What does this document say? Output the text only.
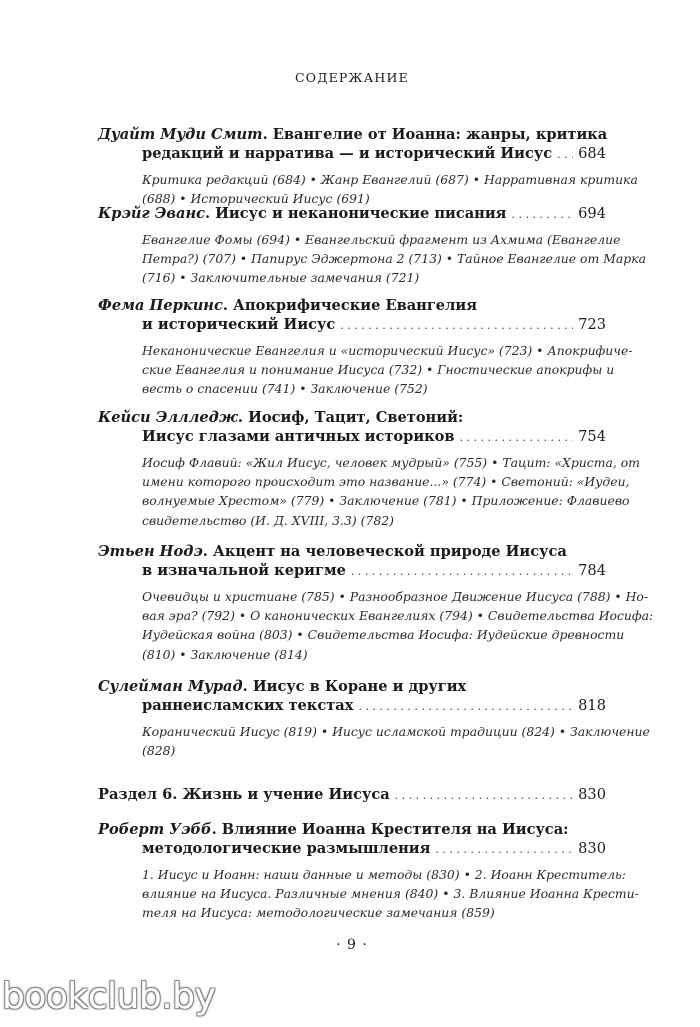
СОДЕРЖАНИЕ
Дуайт Муди Смит . Евангелие от Иоанна: жанры, критика
редакций и нарратива — и исторический Иисус . . . 684
Критика редакций (684) • Жанр Евангелий (687) • Нарративная критика
(688) • Исторический Иисус (691)
Крэйг Эванс . Иисус и неканонические писания . . .	694
Евангелие Фомы (694) • Евангельский фрагмент из Ахмима (Евангелие
Петра?) (707) • Папирус Эджертона 2 (713) • Тайное Евангелие от Марка
(716) • Заключительные замечания (721)
Фема Перкинс . Апокрифические Евангелия
и исторический Иисус . . .	723
Неканонические Евангелия и «исторический Иисус» (723) • Апокрифиче-
ские Евангелия и понимание Иисуса (732) • Гностические апокрифы и
весть о спасении (741) • Заключение (752)
Кейси Эллледж . Иосиф, Тацит, Светоний:
Иисус глазами античных историков . . .	754
Иосиф Флавий: «Жил Иисус, человек мудрый» (755) • Тацит: «Христа, от
имени которого происходит это название...» (774) • Светоний: «Иудеи,
волнуемые Хрестом» (779) • Заключение (781) • Приложение: Флавиево
свидетельство (И. Д. XVIII, 3.3) (782)
Этьен Нодэ . Акцент на человеческой природе Иисуса
в изначальной керигме . . .	784
Очевидцы и христиане (785) • Разнообразное Движение Иисуса (788) • Но-
вая эра? (792) • О канонических Евангелиях (794) • Свидетельства Иосифа:
Иудейская война (803) • Свидетельства Иосифа: Иудейские древности
(810) • Заключение (814)
Сулейман Мурад . Иисус в Коране и других
раннеисламских текстах . . .	818
Коранический Иисус (819) • Иисус исламской традиции (824) • Заключение
(828)
Раздел 6. Жизнь и учение Иисуса . . .	830
Роберт Уэбб . Влияние Иоанна Крестителя на Иисуса:
методологические размышления . . .	830
1. Иисус и Иоанн: наши данные и методы (830) • 2. Иоанн Креститель:
влияние на Иисуса. Различные мнения (840) • 3. Влияние Иоанна Крести-
теля на Иисуса: методологические замечания (859)
· 9 ·
bookclub.by
